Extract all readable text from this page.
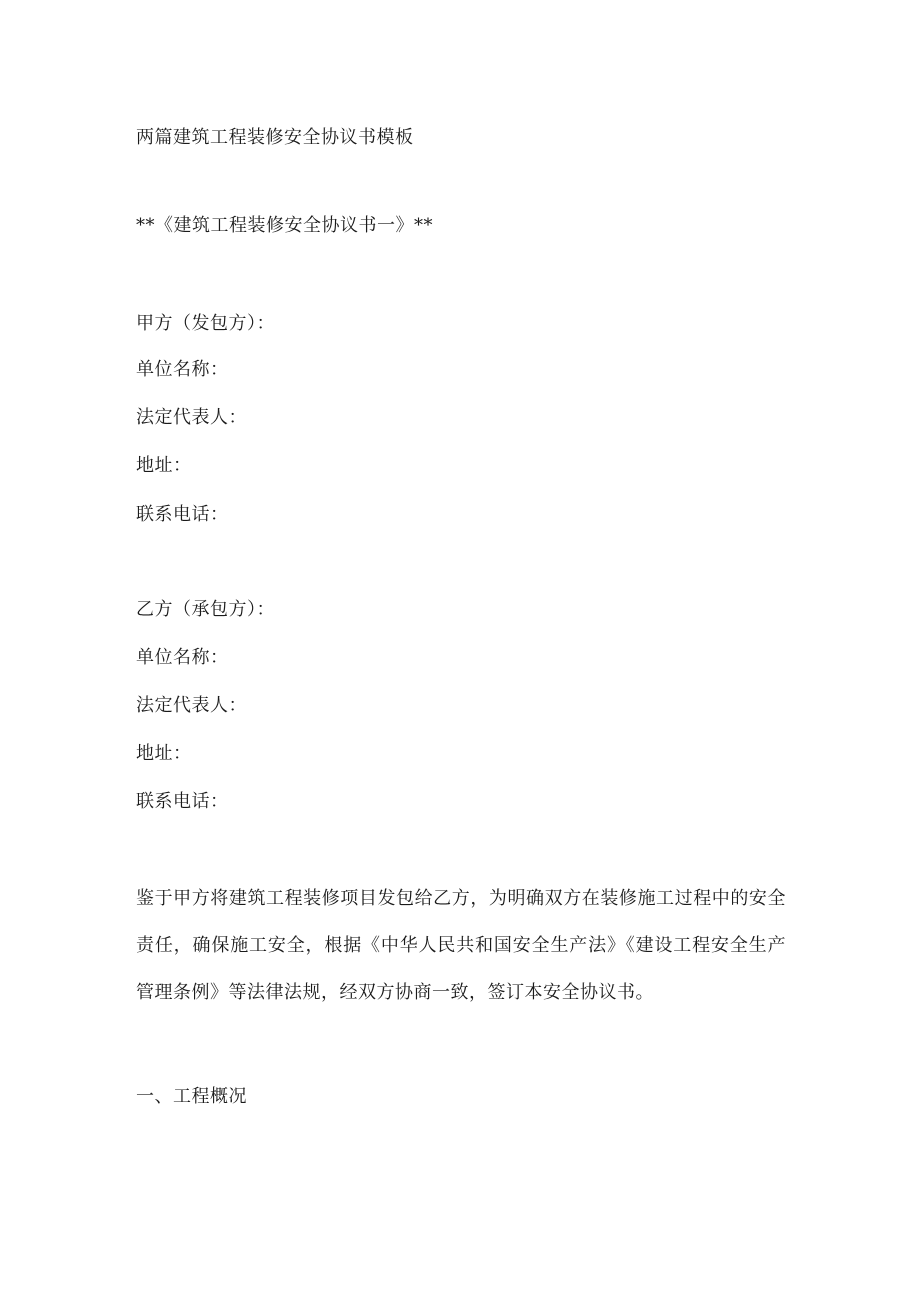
两篇建筑工程装修安全协议书模板
**《建筑工程装修安全协议书一》**
甲方（发包方）：
单位名称：
法定代表人：
地址：
联系电话：
乙方（承包方）：
单位名称：
法定代表人：
地址：
联系电话：
鉴于甲方将建筑工程装修项目发包给乙方，为明确双方在装修施工过程中的安全责任，确保施工安全，根据《中华人民共和国安全生产法》《建设工程安全生产管理条例》等法律法规，经双方协商一致，签订本安全协议书。
一、工程概况
